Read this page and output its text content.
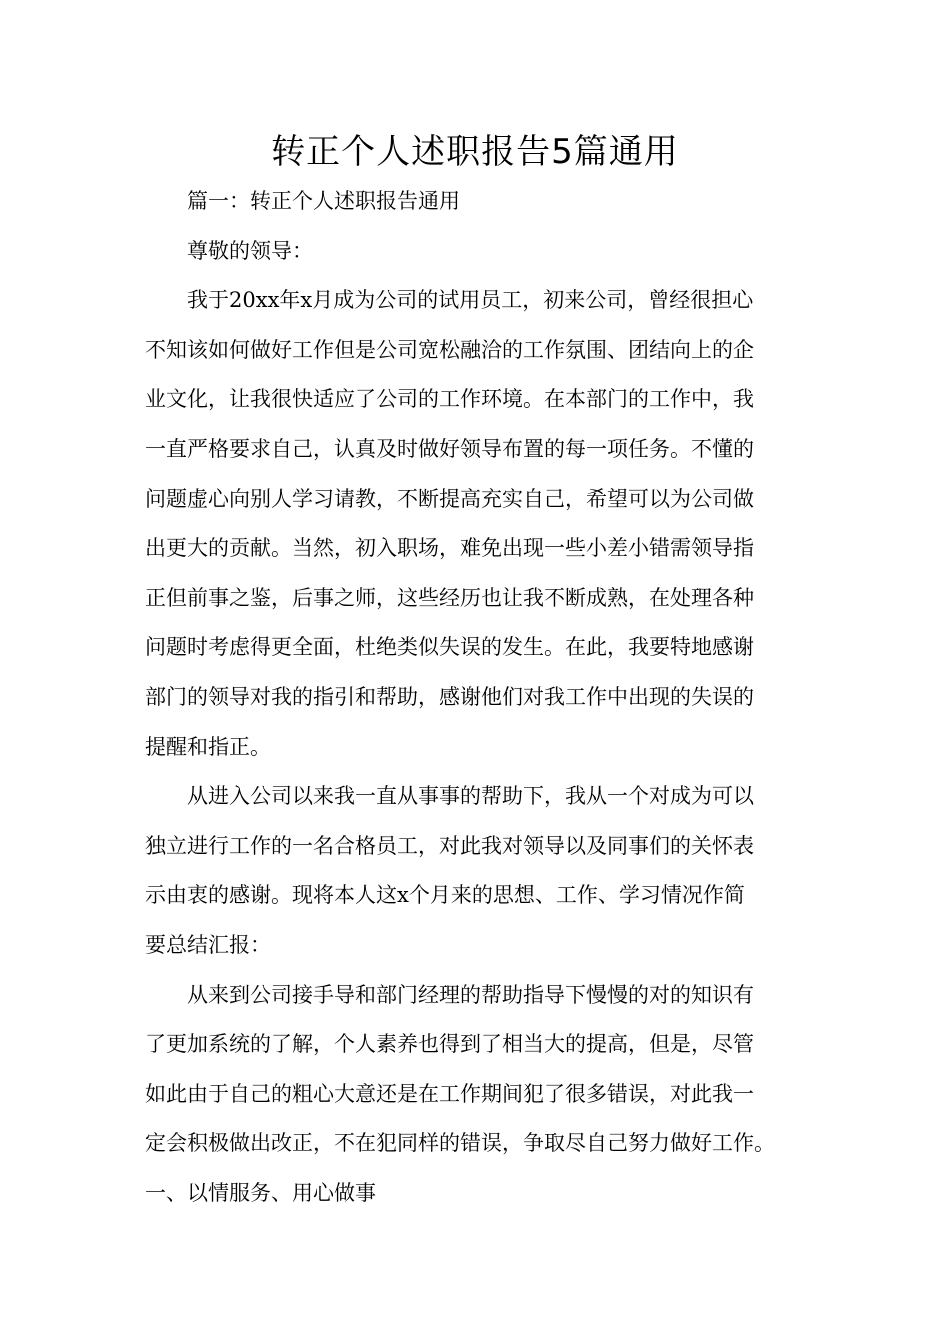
转正个人述职报告5篇通用

篇一：转正个人述职报告通用

尊敬的领导：

我于20xx年x月成为公司的试用员工，初来公司，曾经很担心
不知该如何做好工作但是公司宽松融洽的工作氛围、团结向上的企
业文化，让我很快适应了公司的工作环境。在本部门的工作中，我
一直严格要求自己，认真及时做好领导布置的每一项任务。不懂的
问题虚心向别人学习请教，不断提高充实自己，希望可以为公司做
出更大的贡献。当然，初入职场，难免出现一些小差小错需领导指
正但前事之鉴，后事之师，这些经历也让我不断成熟，在处理各种
问题时考虑得更全面，杜绝类似失误的发生。在此，我要特地感谢
部门的领导对我的指引和帮助，感谢他们对我工作中出现的失误的
提醒和指正。

从进入公司以来我一直从事事的帮助下，我从一个对成为可以
独立进行工作的一名合格员工，对此我对领导以及同事们的关怀表
示由衷的感谢。现将本人这x个月来的思想、工作、学习情况作简
要总结汇报：

从来到公司接手导和部门经理的帮助指导下慢慢的对的知识有
了更加系统的了解，个人素养也得到了相当大的提高，但是，尽管
如此由于自己的粗心大意还是在工作期间犯了很多错误，对此我一
定会积极做出改正，不在犯同样的错误，争取尽自己努力做好工作。

一、以情服务、用心做事
